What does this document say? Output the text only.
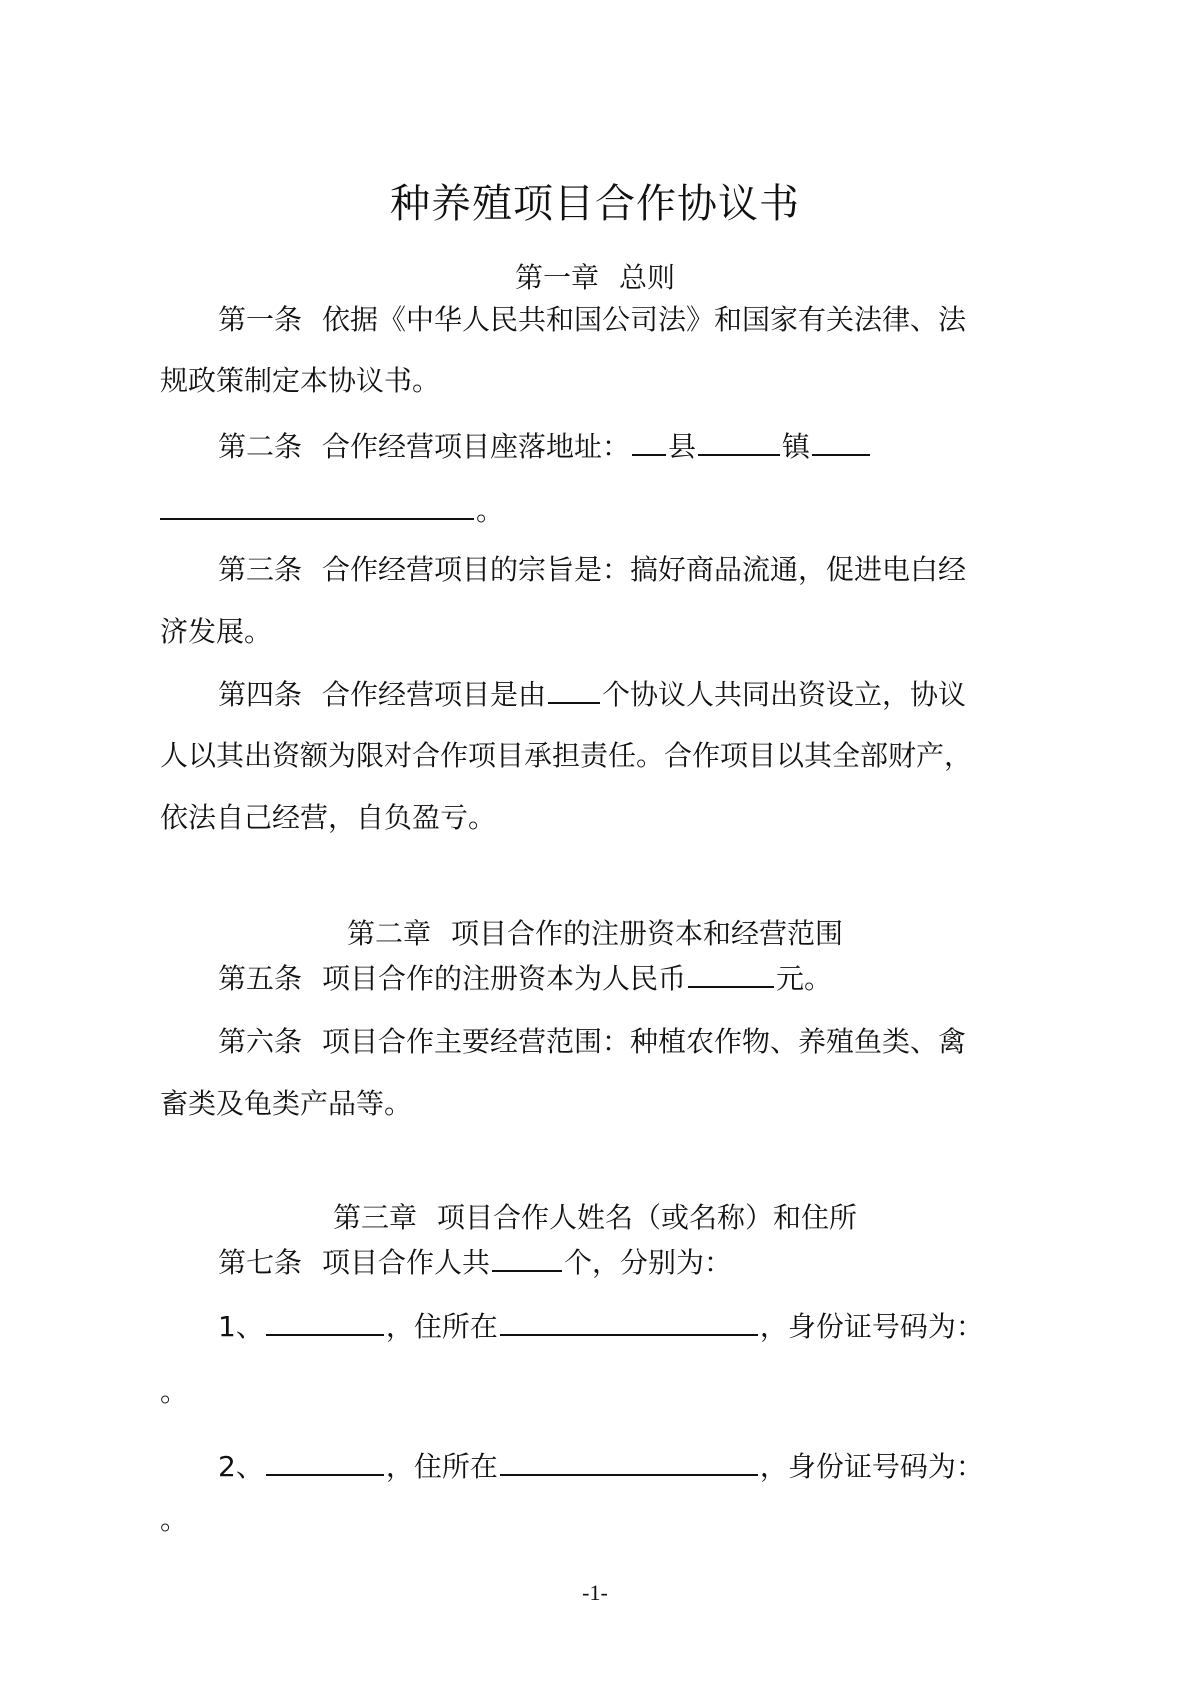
种养殖项目合作协议书
第一章 总则
第一条 依据《中华人民共和国公司法》和国家有关法律、法
规政策制定本协议书。
第二条 合作经营项目座落地址： 县	镇
。
第三条 合作经营项目的宗旨是：搞好商品流通，促进电白经
济发展。
第四条 合作经营项目是由 个协议人共同出资设立，协议
人以其出资额为限对合作项目承担责任。合作项目以其全部财产，
依法自己经营，自负盈亏。
第二章 项目合作的注册资本和经营范围
第五条 项目合作的注册资本为人民币	元。
第六条 项目合作主要经营范围：种植农作物、养殖鱼类、禽
畜类及龟类产品等。
第三章 项目合作人姓名（或名称）和住所
第七条 项目合作人共	个，分别为：
1、	，住所在	，身份证号码为：
。
2、	，住所在	，身份证号码为：
。
-1-
